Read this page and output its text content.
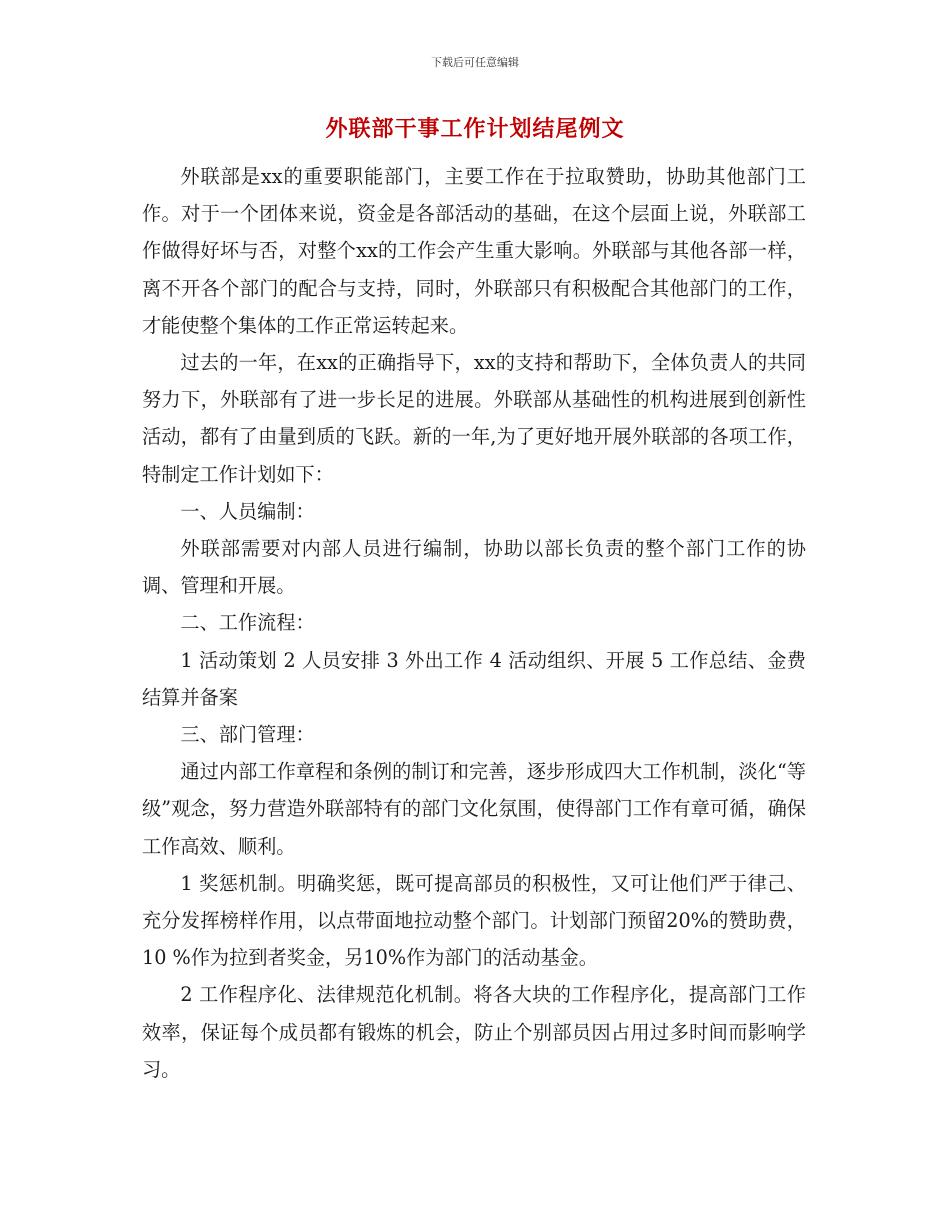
下载后可任意编辑
外联部干事工作计划结尾例文

外联部是xx的重要职能部门，主要工作在于拉取赞助，协助其他部门工作。对于一个团体来说，资金是各部活动的基础，在这个层面上说，外联部工作做得好坏与否，对整个xx的工作会产生重大影响。外联部与其他各部一样，离不开各个部门的配合与支持，同时，外联部只有积极配合其他部门的工作，才能使整个集体的工作正常运转起来。

过去的一年，在xx的正确指导下，xx的支持和帮助下，全体负责人的共同努力下，外联部有了进一步长足的进展。外联部从基础性的机构进展到创新性活动，都有了由量到质的飞跃。新的一年,为了更好地开展外联部的各项工作，特制定工作计划如下：

一、人员编制：

外联部需要对内部人员进行编制，协助以部长负责的整个部门工作的协调、管理和开展。

二、工作流程：

1 活动策划 2 人员安排 3 外出工作 4 活动组织、开展 5 工作总结、金费结算并备案

三、部门管理：

通过内部工作章程和条例的制订和完善，逐步形成四大工作机制，淡化“等级”观念，努力营造外联部特有的部门文化氛围，使得部门工作有章可循，确保工作高效、顺利。

1 奖惩机制。明确奖惩，既可提高部员的积极性，又可让他们严于律己、充分发挥榜样作用，以点带面地拉动整个部门。计划部门预留20%的赞助费，10 %作为拉到者奖金，另10%作为部门的活动基金。

2 工作程序化、法律规范化机制。将各大块的工作程序化，提高部门工作效率，保证每个成员都有锻炼的机会，防止个别部员因占用过多时间而影响学习。
